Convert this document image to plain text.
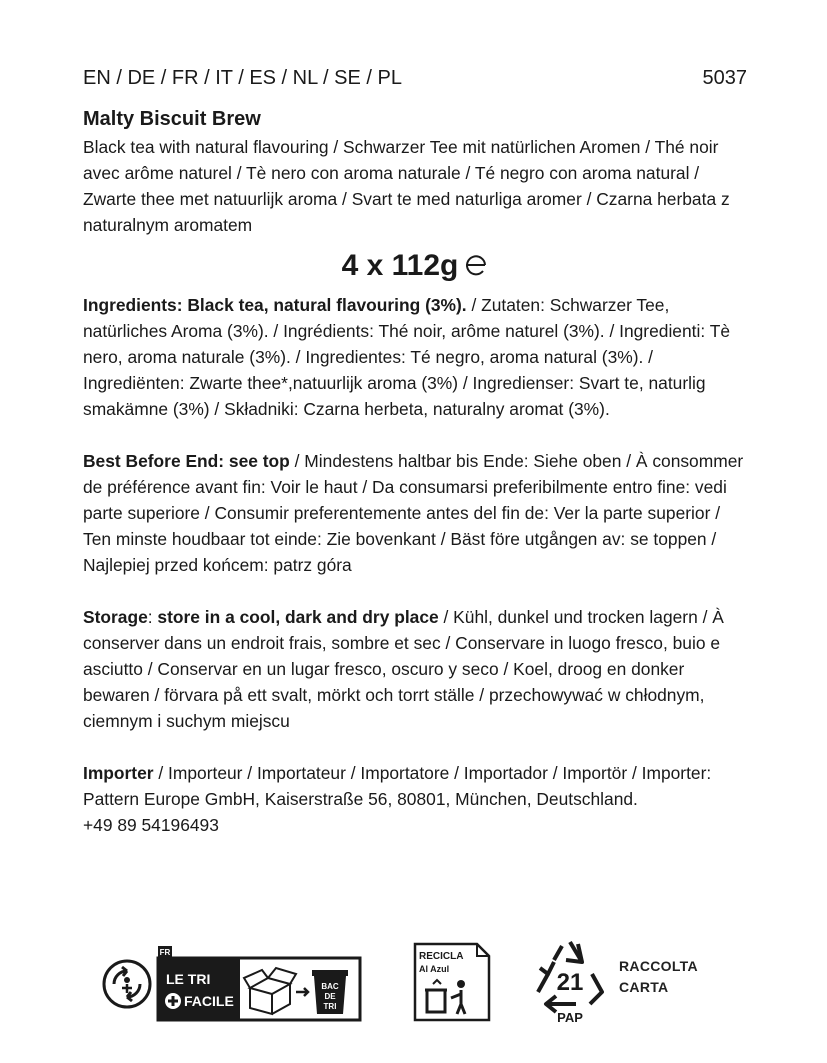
EN / DE / FR / IT / ES / NL / SE / PL	5037
Malty Biscuit Brew
Black tea with natural flavouring / Schwarzer Tee mit natürlichen Aromen / Thé noir avec arôme naturel / Tè nero con aroma naturale / Té negro con aroma natural / Zwarte thee met natuurlijk aroma / Svart te med naturliga aromer / Czarna herbata z naturalnym aromatem
4 x 112g
Ingredients: Black tea, natural flavouring (3%). / Zutaten: Schwarzer Tee, natürliches Aroma (3%). / Ingrédients: Thé noir, arôme naturel (3%). / Ingredienti: Tè nero, aroma naturale (3%). / Ingredientes: Té negro, aroma natural (3%). / Ingrediënten: Zwarte thee*,natuurlijk aroma (3%) / Ingredienser: Svart te, naturlig smakämne (3%) / Składniki: Czarna herbeta, naturalny aromat (3%).
Best Before End: see top / Mindestens haltbar bis Ende: Siehe oben / À consommer de préférence avant fin: Voir le haut / Da consumarsi preferibilmente entro fine: vedi parte superiore / Consumir preferentemente antes del fin de: Ver la parte superior / Ten minste houdbaar tot einde: Zie bovenkant / Bäst före utgången av: se toppen / Najlepiej przed końcem: patrz góra
Storage: store in a cool, dark and dry place / Kühl, dunkel und trocken lagern / À conserver dans un endroit frais, sombre et sec / Conservare in luogo fresco, buio e asciutto / Conservar en un lugar fresco, oscuro y seco / Koel, droog en donker bewaren / förvara på ett svalt, mörkt och torrt ställe / przechowywać w chłodnym, ciemnym i suchym miejscu
Importer / Importeur / Importateur / Importatore / Importador / Importör / Importer:
Pattern Europe GmbH, Kaiserstraße 56, 80801, München, Deutschland.
+49 89 54196493
FR
LE TRI
FACILE
BAC
DE
TRI
RECICLA
Al Azul	21
PAP
RACCOLTA
CARTA
